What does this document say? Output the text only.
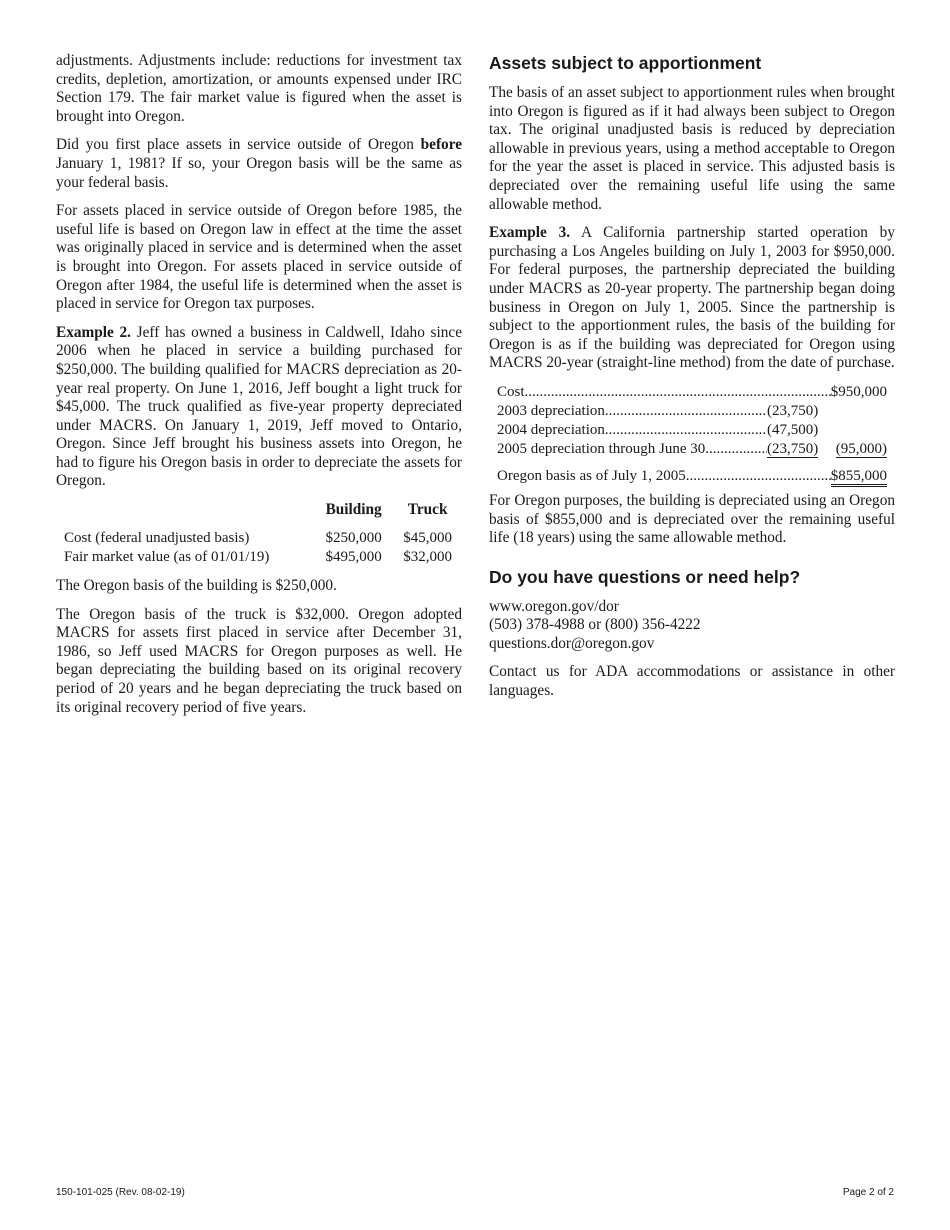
adjustments. Adjustments include: reductions for investment tax credits, depletion, amortization, or amounts expensed under IRC Section 179. The fair market value is figured when the asset is brought into Oregon.

Did you first place assets in service outside of Oregon before January 1, 1981? If so, your Oregon basis will be the same as your federal basis.

For assets placed in service outside of Oregon before 1985, the useful life is based on Oregon law in effect at the time the asset was originally placed in service and is determined when the asset is brought into Oregon. For assets placed in service outside of Oregon after 1984, the useful life is determined when the asset is placed in service for Oregon tax purposes.

Example 2. Jeff has owned a business in Caldwell, Idaho since 2006 when he placed in service a building purchased for $250,000. The building qualified for MACRS depreciation as 20-year real property. On June 1, 2016, Jeff bought a light truck for $45,000. The truck qualified as five-year property depreciated under MACRS. On January 1, 2019, Jeff moved to Ontario, Oregon. Since Jeff brought his business assets into Oregon, he had to figure his Oregon basis in order to depreciate the assets for Oregon.

	Building	Truck
Cost (federal unadjusted basis)	$250,000	$45,000
Fair market value (as of 01/01/19)	$495,000	$32,000

The Oregon basis of the building is $250,000.

The Oregon basis of the truck is $32,000. Oregon adopted MACRS for assets first placed in service after December 31, 1986, so Jeff used MACRS for Oregon purposes as well. He began depreciating the building based on its original recovery period of 20 years and he began depreciating the truck based on its original recovery period of five years.

Assets subject to apportionment

The basis of an asset subject to apportionment rules when brought into Oregon is figured as if it had always been subject to Oregon tax. The original unadjusted basis is reduced by depreciation allowable in previous years, using a method acceptable to Oregon for the year the asset is placed in service. This adjusted basis is depreciated over the remaining useful life using the same allowable method.

Example 3. A California partnership started operation by purchasing a Los Angeles building on July 1, 2003 for $950,000. For federal purposes, the partnership depreciated the building under MACRS as 20-year property. The partnership began doing business in Oregon on July 1, 2005. Since the partnership is subject to the apportionment rules, the basis of the building for Oregon is as if the building was depreciated for Oregon using MACRS 20-year (straight-line method) from the date of purchase.

Cost .....	$950,000
2003 depreciation .....	(23,750)
2004 depreciation .....	(47,500)
2005 depreciation through June 30 .....	(23,750)	(95,000)
Oregon basis as of July 1, 2005 .....	$855,000

For Oregon purposes, the building is depreciated using an Oregon basis of $855,000 and is depreciated over the remaining useful life (18 years) using the same allowable method.

Do you have questions or need help?

www.oregon.gov/dor

(503) 378-4988 or (800) 356-4222

questions.dor@oregon.gov

Contact us for ADA accommodations or assistance in other languages.

150-101-025 (Rev. 08-02-19)	Page 2 of 2
